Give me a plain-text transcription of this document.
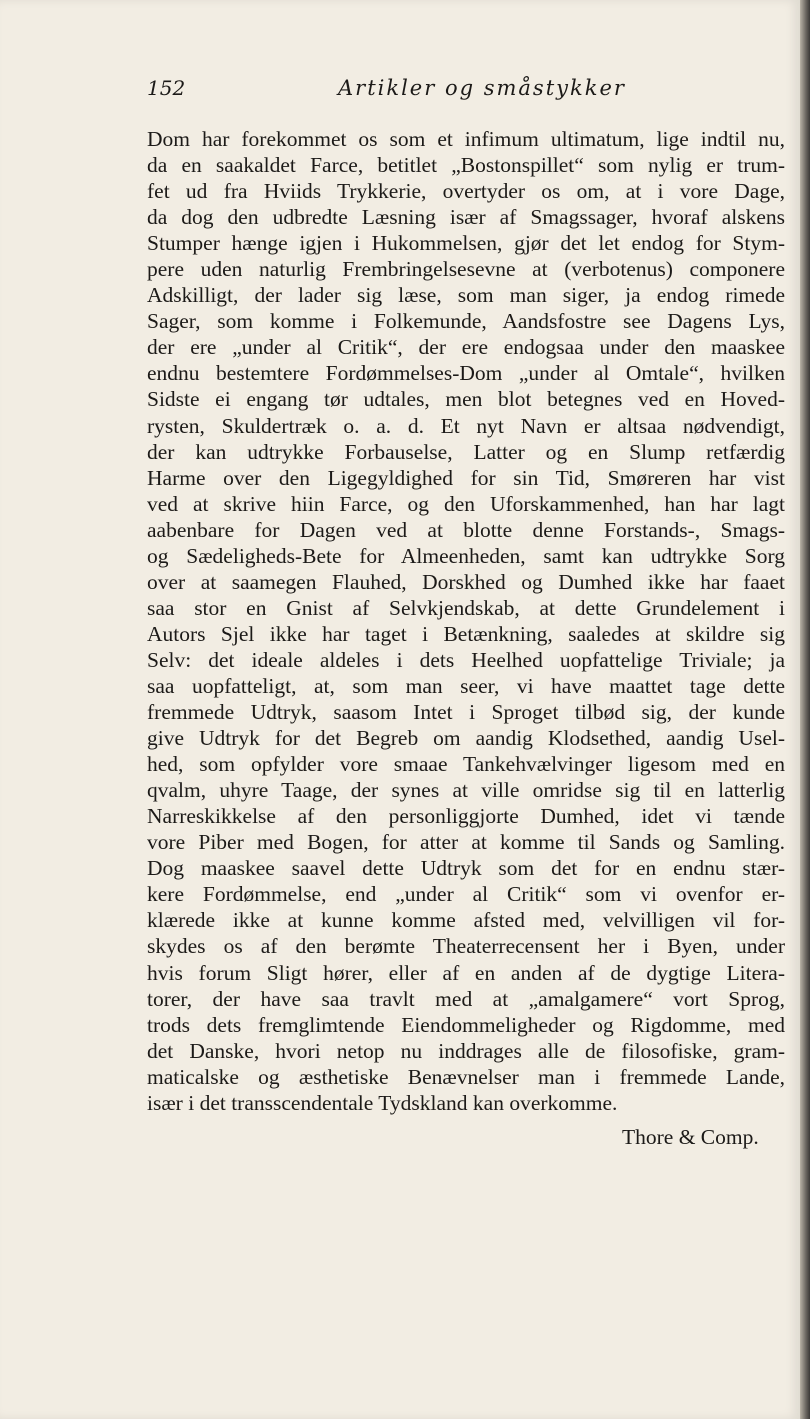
152	Artikler og småstykker
Dom har forekommet os som et infimum ultimatum, lige indtil nu,
da en saakaldet Farce, betitlet „Bostonspillet“ som nylig er trum-
fet ud fra Hviids Trykkerie, overtyder os om, at i vore Dage,
da dog den udbredte Læsning især af Smagssager, hvoraf alskens
Stumper hænge igjen i Hukommelsen, gjør det let endog for Stym-
pere uden naturlig Frembringelsesevne at (verbotenus) componere
Adskilligt, der lader sig læse, som man siger, ja endog rimede
Sager, som komme i Folkemunde, Aandsfostre see Dagens Lys,
der ere „under al Critik“, der ere endogsaa under den maaskee
endnu bestemtere Fordømmelses-Dom „under al Omtale“, hvilken
Sidste ei engang tør udtales, men blot betegnes ved en Hoved-
rysten, Skuldertræk o. a. d. Et nyt Navn er altsaa nødvendigt,
der kan udtrykke Forbauselse, Latter og en Slump retfærdig
Harme over den Ligegyldighed for sin Tid, Smøreren har vist
ved at skrive hiin Farce, og den Uforskammenhed, han har lagt
aabenbare for Dagen ved at blotte denne Forstands-, Smags-
og Sædeligheds-Bete for Almeenheden, samt kan udtrykke Sorg
over at saamegen Flauhed, Dorskhed og Dumhed ikke har faaet
saa stor en Gnist af Selvkjendskab, at dette Grundelement i
Autors Sjel ikke har taget i Betænkning, saaledes at skildre sig
Selv: det ideale aldeles i dets Heelhed uopfattelige Triviale; ja
saa uopfatteligt, at, som man seer, vi have maattet tage dette
fremmede Udtryk, saasom Intet i Sproget tilbød sig, der kunde
give Udtryk for det Begreb om aandig Klodsethed, aandig Usel-
hed, som opfylder vore smaae Tankehvælvinger ligesom med en
qvalm, uhyre Taage, der synes at ville omridse sig til en latterlig
Narreskikkelse af den personliggjorte Dumhed, idet vi tænde
vore Piber med Bogen, for atter at komme til Sands og Samling.
Dog maaskee saavel dette Udtryk som det for en endnu stær-
kere Fordømmelse, end „under al Critik“ som vi ovenfor er-
klærede ikke at kunne komme afsted med, velvilligen vil for-
skydes os af den berømte Theaterrecensent her i Byen, under
hvis forum Sligt hører, eller af en anden af de dygtige Litera-
torer, der have saa travlt med at „amalgamere“ vort Sprog,
trods dets fremglimtende Eiendommeligheder og Rigdomme, med
det Danske, hvori netop nu inddrages alle de filosofiske, gram-
maticalske og æsthetiske Benævnelser man i fremmede Lande,
især i det transscendentale Tydskland kan overkomme.
Thore & Comp.
